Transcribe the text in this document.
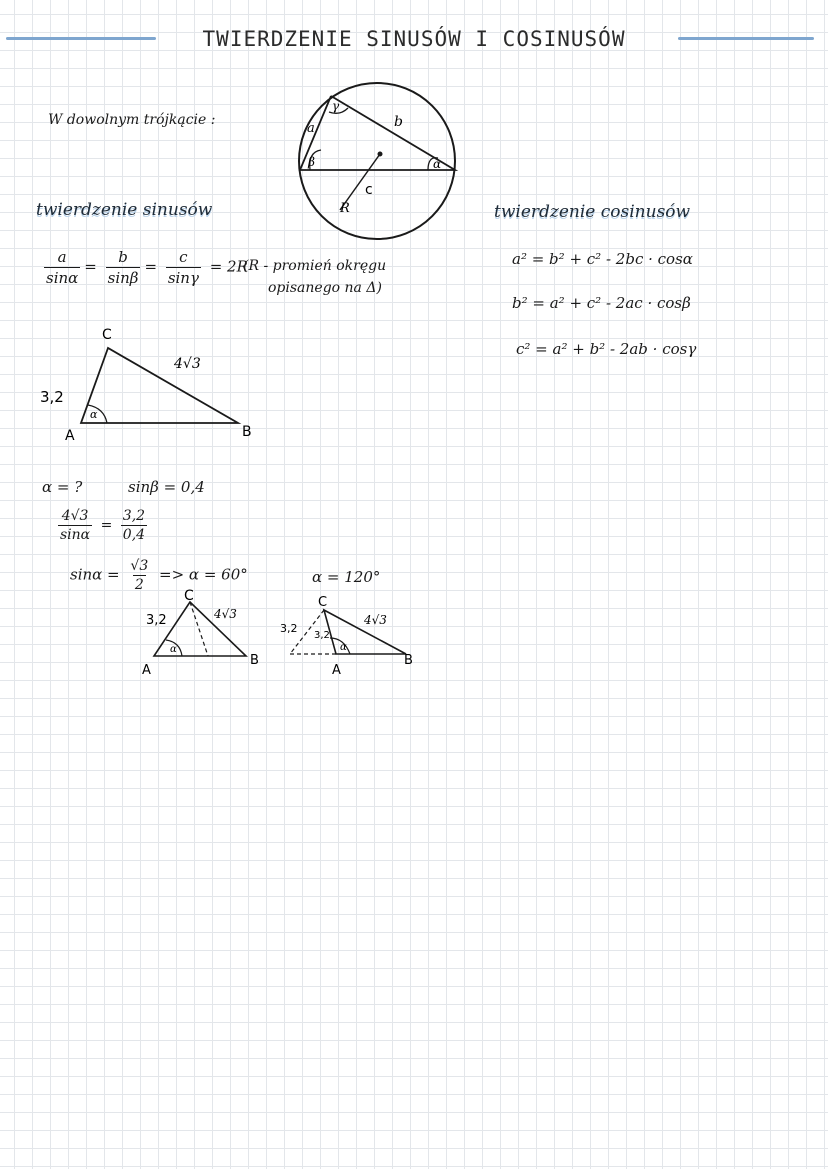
TWIERDZENIE SINUSÓW I COSINUSÓW
W dowolnym trójkącie :
a
γ
b
β	α
c
R
twierdzenie sinusów	twierdzenie cosinusów
$\frac{a}{\sin\alpha} = \frac{b}{\sin\beta} = \frac{c}{\sin\gamma} = 2R$
(R - promień okręgu
opisanego na Δ)
a² = b² + c² - 2bc · cosα
b² = a² + c² - 2ac · cosβ
c² = a² + b² - 2ab · cosγ
C
A	B
4√3
3,2
α
α = ?	sinβ = 0,4
$\frac{4√3}{\sin\alpha} = \frac{3,2}{0,4}$
$\sin\alpha = \frac{√3}{2} => \alpha = 60^\circ$	α = 120°
C
A
B
3,2	4√3
α
C
A
B
3,2
3,2
4√3
α
